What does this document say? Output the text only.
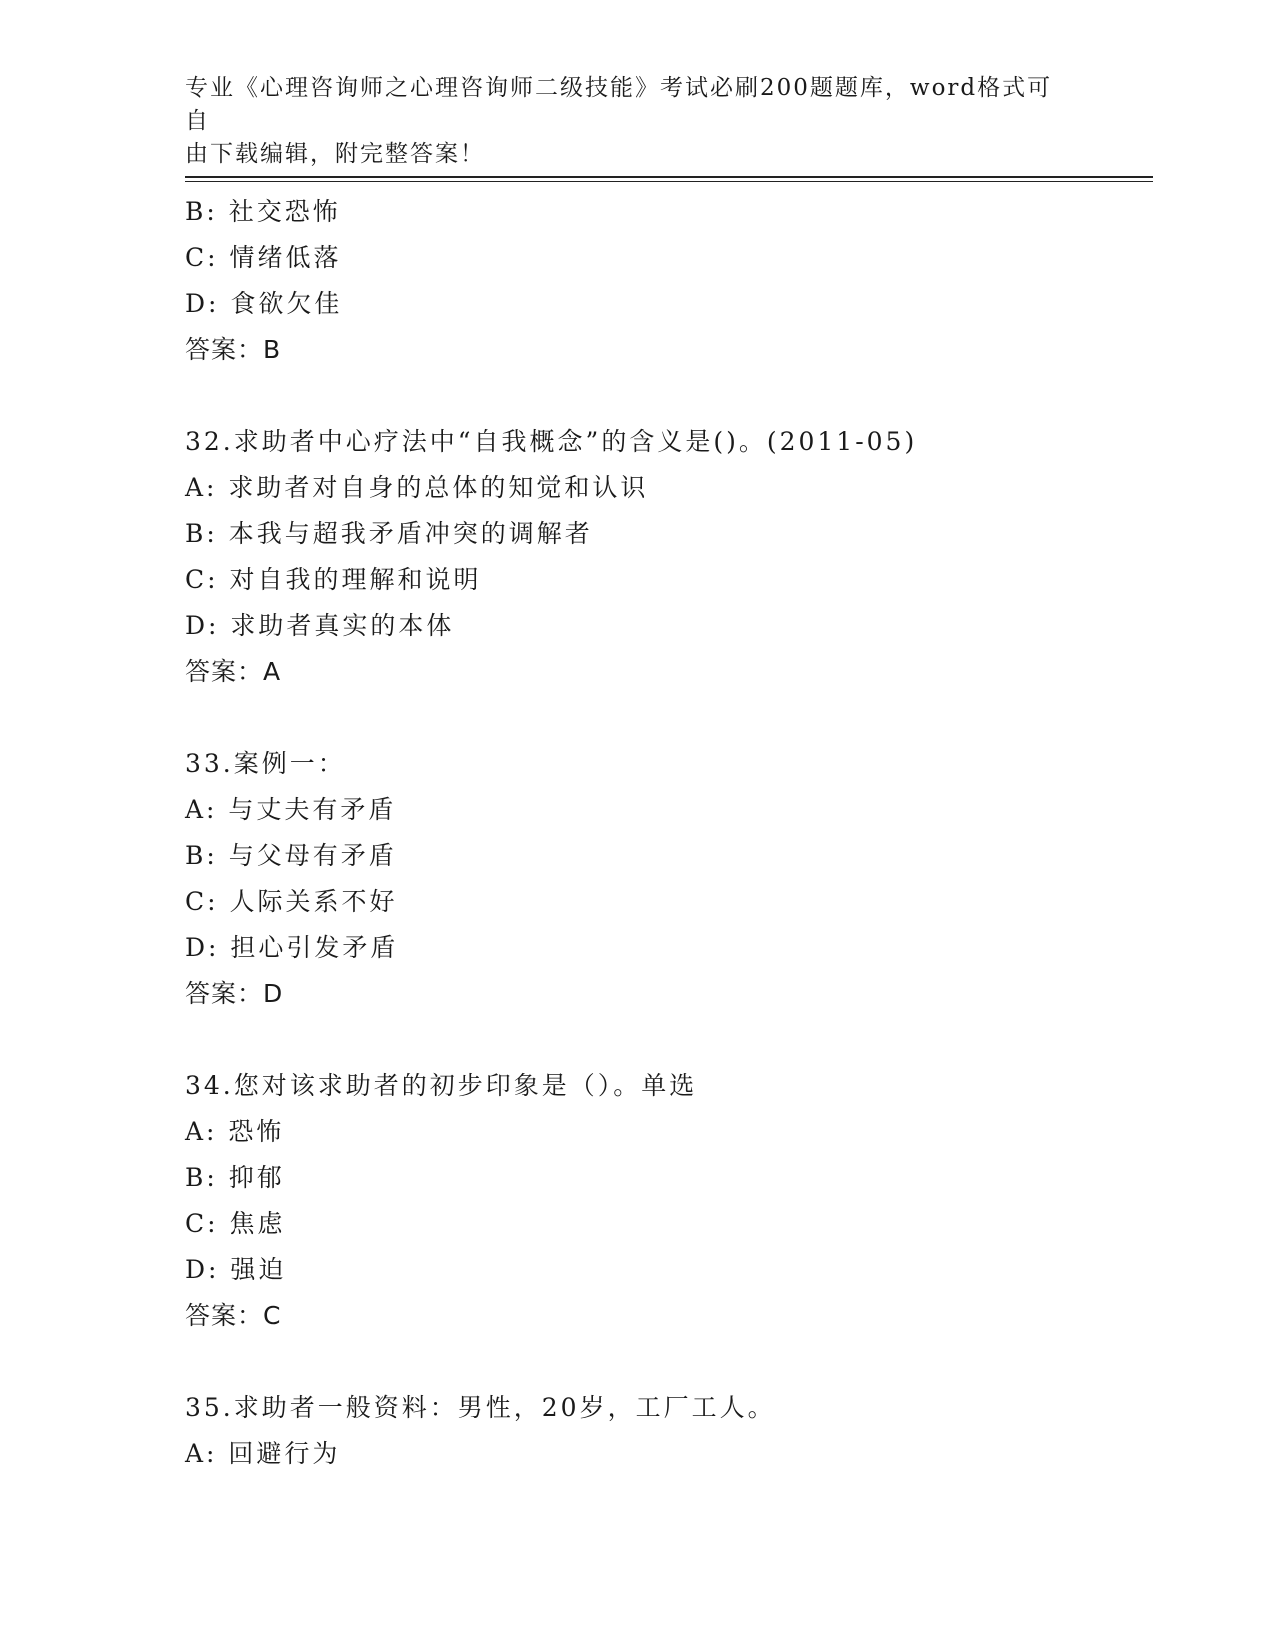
专业《心理咨询师之心理咨询师二级技能》考试必刷200题题库，word格式可自
由下载编辑，附完整答案！
B: 社交恐怖
C: 情绪低落
D: 食欲欠佳
答案：B
32.求助者中心疗法中“自我概念”的含义是()。(2011-05)
A: 求助者对自身的总体的知觉和认识
B: 本我与超我矛盾冲突的调解者
C: 对自我的理解和说明
D: 求助者真实的本体
答案：A
33.案例一：
A: 与丈夫有矛盾
B: 与父母有矛盾
C: 人际关系不好
D: 担心引发矛盾
答案：D
34.您对该求助者的初步印象是（）。单选
A: 恐怖
B: 抑郁
C: 焦虑
D: 强迫
答案：C
35.求助者一般资料：男性，20岁，工厂工人。
A: 回避行为
